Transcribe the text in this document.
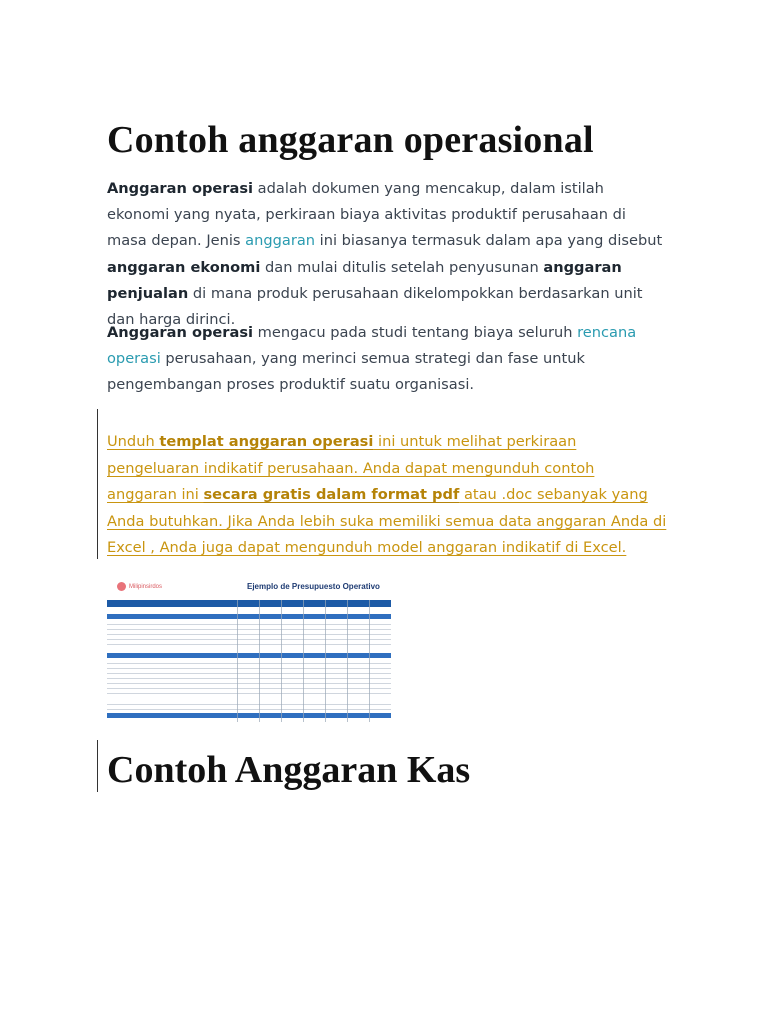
Contoh anggaran operasional

Anggaran operasi adalah dokumen yang mencakup, dalam istilah ekonomi yang nyata, perkiraan biaya aktivitas produktif perusahaan di masa depan. Jenis anggaran ini biasanya termasuk dalam apa yang disebut anggaran ekonomi dan mulai ditulis setelah penyusunan anggaran penjualan di mana produk perusahaan dikelompokkan berdasarkan unit dan harga dirinci.

Anggaran operasi mengacu pada studi tentang biaya seluruh rencana operasi perusahaan, yang merinci semua strategi dan fase untuk pengembangan proses produktif suatu organisasi.

Unduh templat anggaran operasi ini untuk melihat perkiraan pengeluaran indikatif perusahaan. Anda dapat mengunduh contoh anggaran ini secara gratis dalam format pdf atau .doc sebanyak yang Anda butuhkan. Jika Anda lebih suka memiliki semua data anggaran Anda di Excel , Anda juga dapat mengunduh model anggaran indikatif di Excel.

Milipinsirdos	Ejemplo de Presupuesto Operativo
Contoh Anggaran Kas
